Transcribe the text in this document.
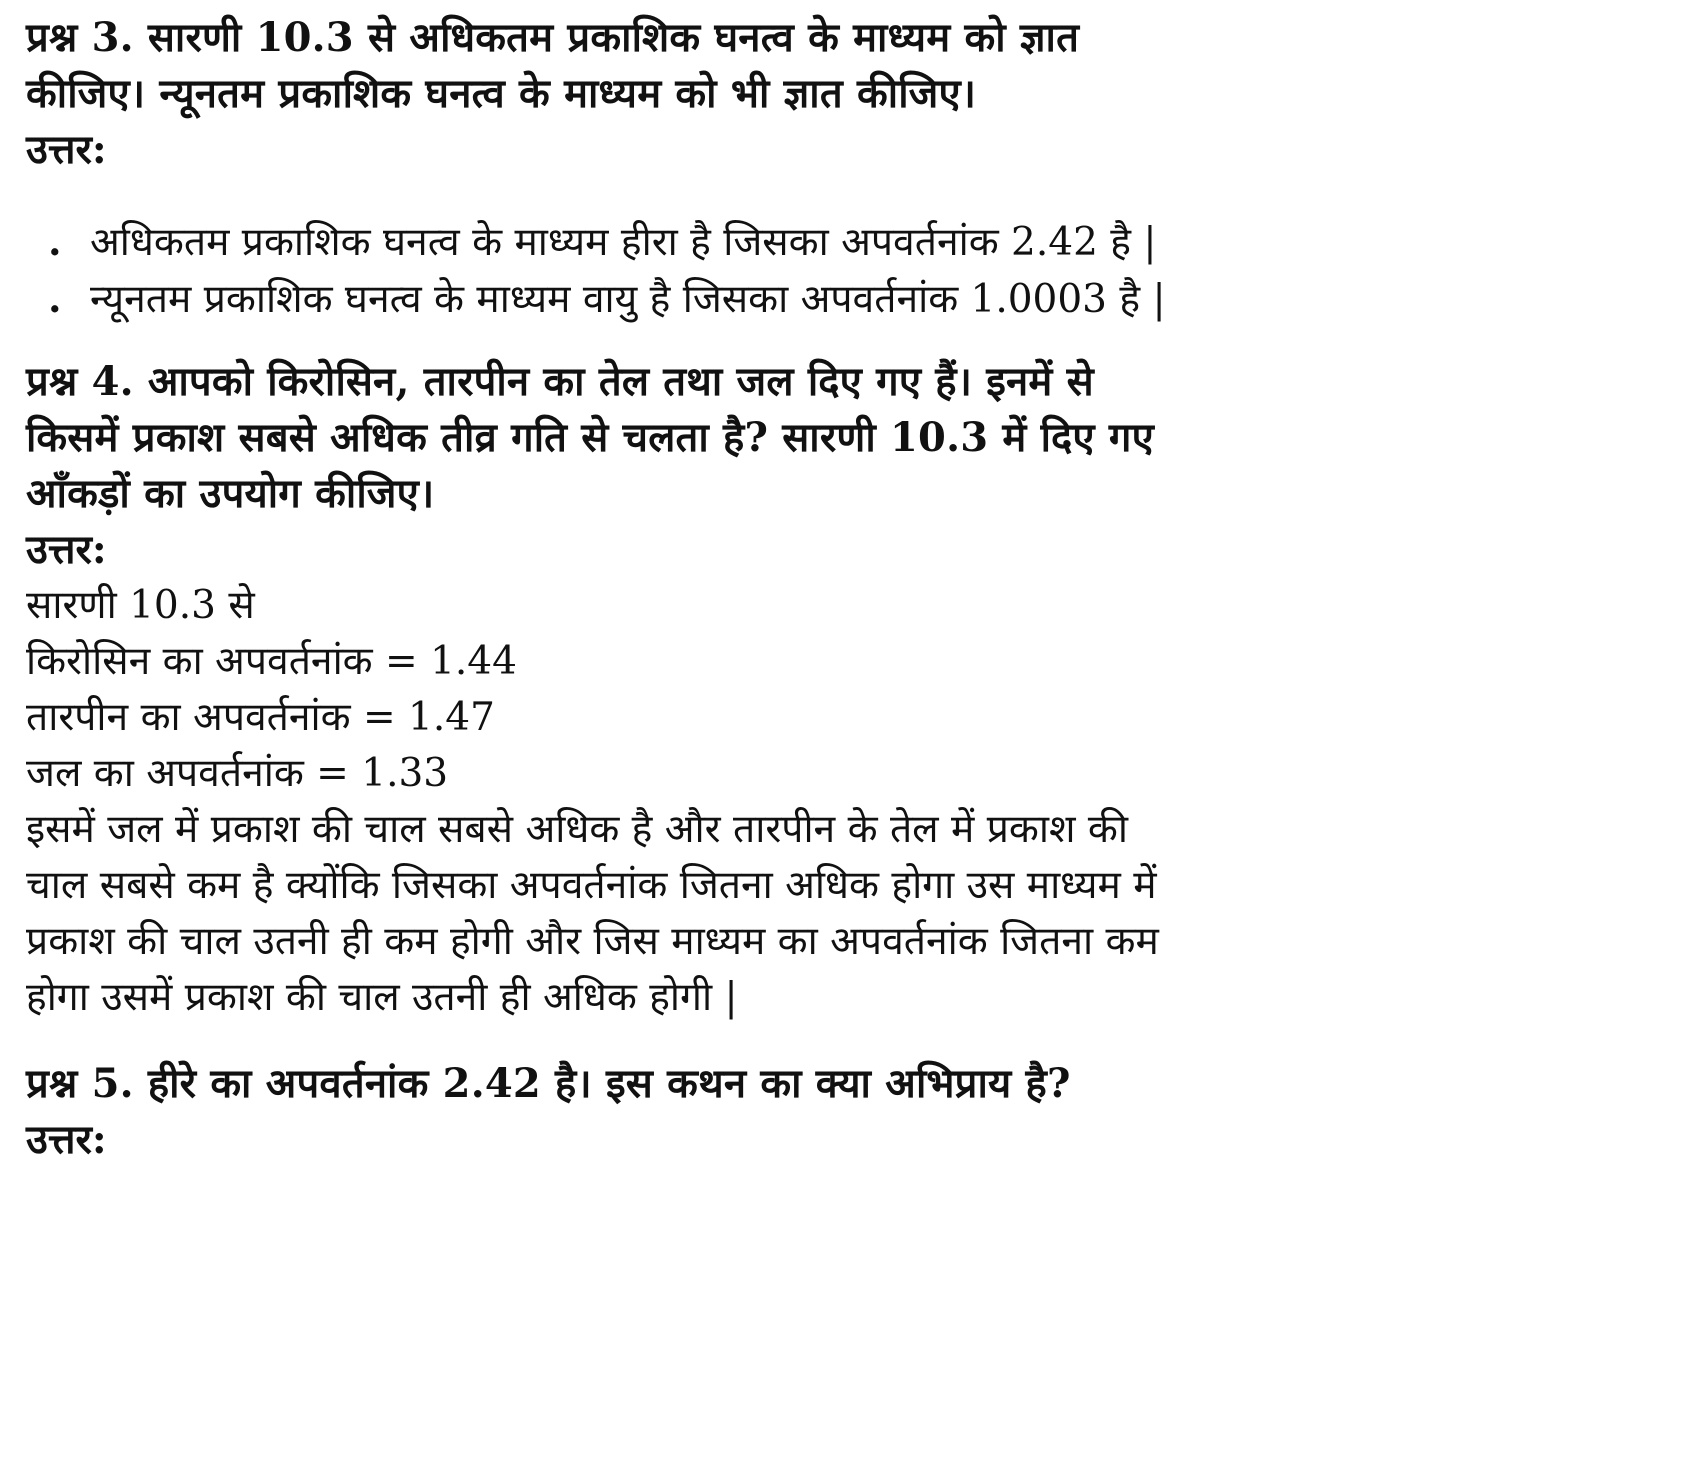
प्रश्न 3. सारणी 10.3 से अधिकतम प्रकाशिक घनत्व के माध्यम को ज्ञात कीजिए। न्यूनतम प्रकाशिक घनत्व के माध्यम को भी ज्ञात कीजिए।

उत्तर:

. अधिकतम प्रकाशिक घनत्व के माध्यम हीरा है जिसका अपवर्तनांक 2.42 है |
. न्यूनतम प्रकाशिक घनत्व के माध्यम वायु है जिसका अपवर्तनांक 1.0003 है |

प्रश्न 4. आपको किरोसिन, तारपीन का तेल तथा जल दिए गए हैं। इनमें से किसमें प्रकाश सबसे अधिक तीव्र गति से चलता है? सारणी 10.3 में दिए गए आँकड़ों का उपयोग कीजिए।

उत्तर:

सारणी 10.3 से

किरोसिन का अपवर्तनांक = 1.44

तारपीन का अपवर्तनांक = 1.47

जल का अपवर्तनांक = 1.33

इसमें जल में प्रकाश की चाल सबसे अधिक है और तारपीन के तेल में प्रकाश की चाल सबसे कम है क्योंकि जिसका अपवर्तनांक जितना अधिक होगा उस माध्यम में प्रकाश की चाल उतनी ही कम होगी और जिस माध्यम का अपवर्तनांक जितना कम होगा उसमें प्रकाश की चाल उतनी ही अधिक होगी |

प्रश्न 5. हीरे का अपवर्तनांक 2.42 है। इस कथन का क्या अभिप्राय है?

उत्तर:
